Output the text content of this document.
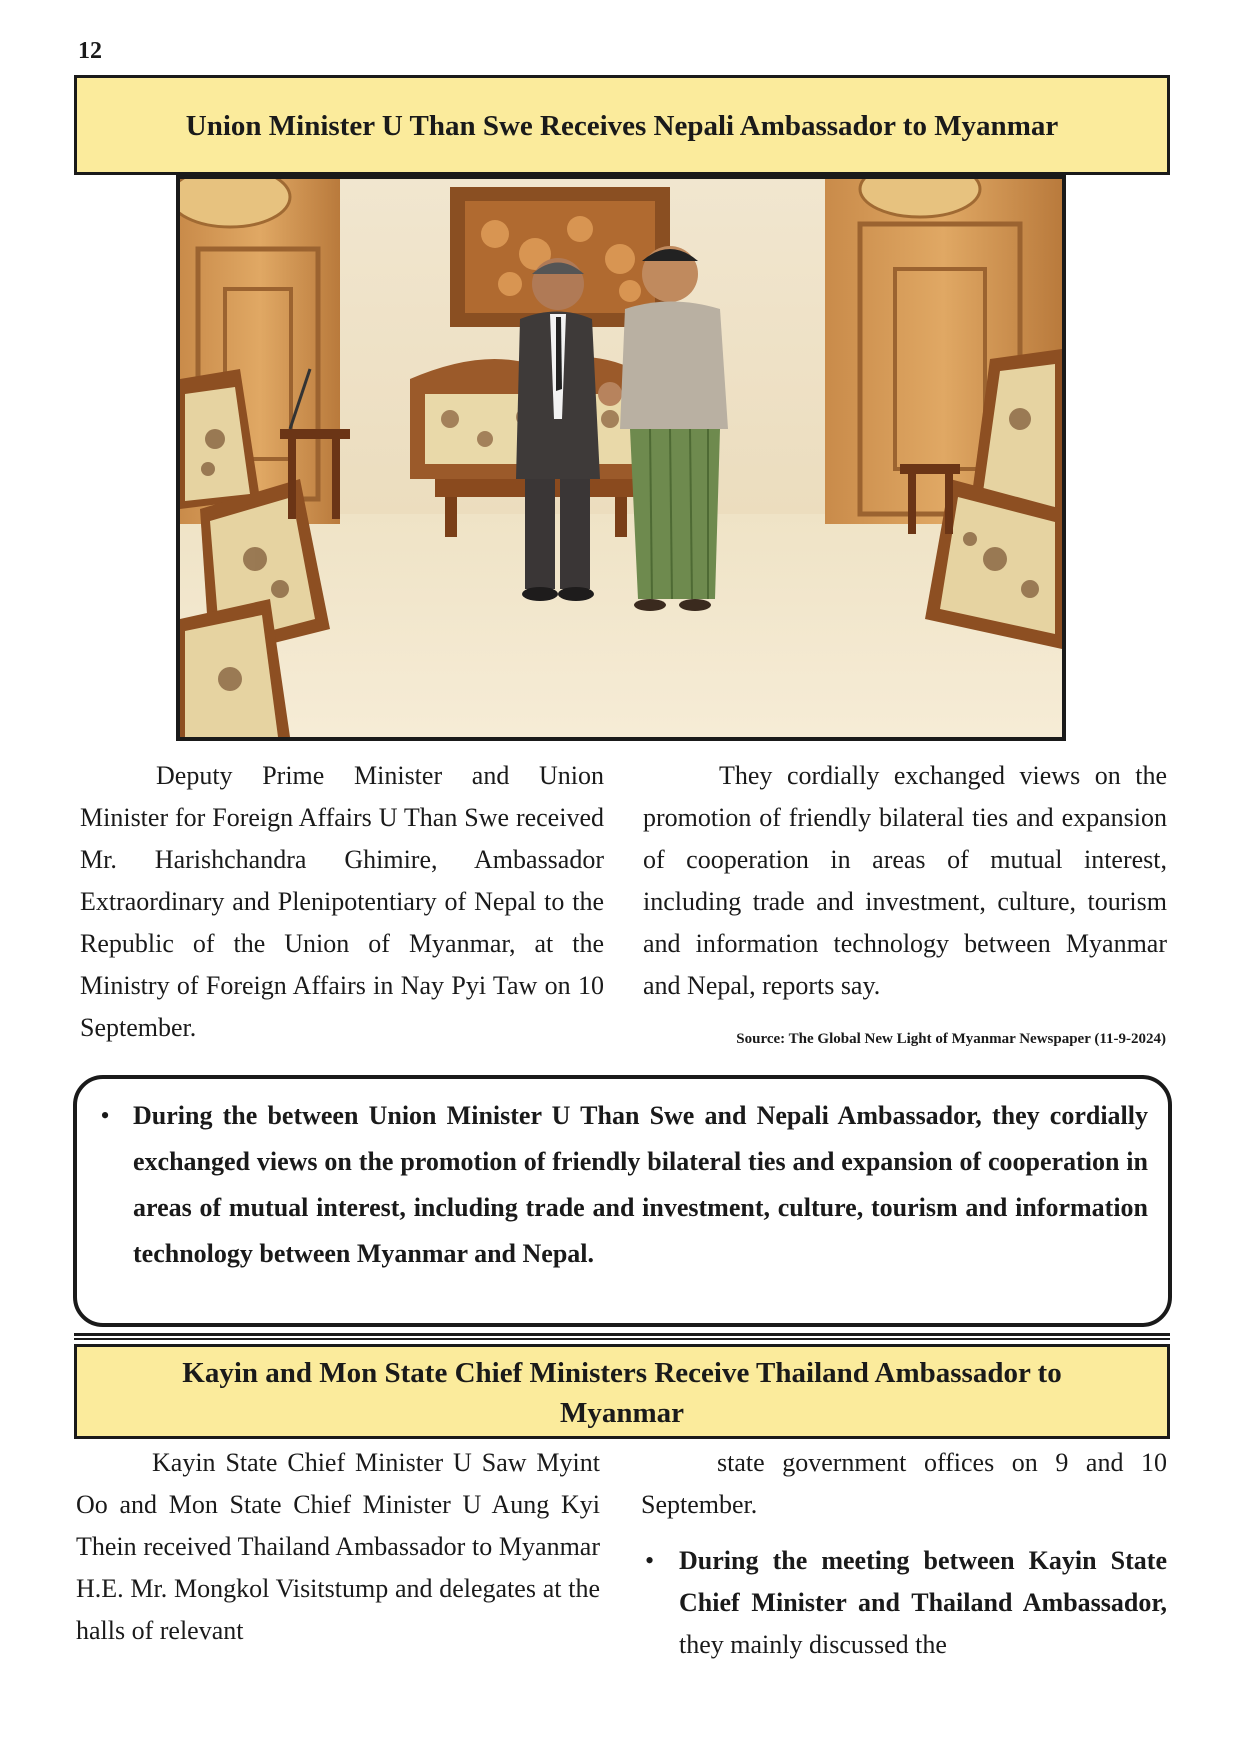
12
Union Minister U Than Swe Receives Nepali Ambassador to Myanmar

Deputy Prime Minister and Union Minister for Foreign Affairs U Than Swe received Mr. Harishchandra Ghimire, Ambassador Extraordinary and Plenipotentiary of Nepal to the Republic of the Union of Myanmar, at the Ministry of Foreign Affairs in Nay Pyi Taw on 10 September.

They cordially exchanged views on the promotion of friendly bilateral ties and expansion of cooperation in areas of mutual interest, including trade and investment, culture, tourism and information technology between Myanmar and Nepal, reports say.

Source: The Global New Light of Myanmar Newspaper (11-9-2024)
• During the between Union Minister U Than Swe and Nepali Ambassador, they cordially exchanged views on the promotion of friendly bilateral ties and expansion of cooperation in areas of mutual interest, including trade and investment, culture, tourism and information technology between Myanmar and Nepal.
Kayin and Mon State Chief Ministers Receive Thailand Ambassador to Myanmar

Kayin State Chief Minister U Saw Myint Oo and Mon State Chief Minister U Aung Kyi Thein received Thailand Ambassador to Myanmar H.E. Mr. Mongkol Visitstump and delegates at the halls of relevant

state government offices on 9 and 10 September.

• During the meeting between Kayin State Chief Minister and Thailand Ambassador, they mainly discussed the
